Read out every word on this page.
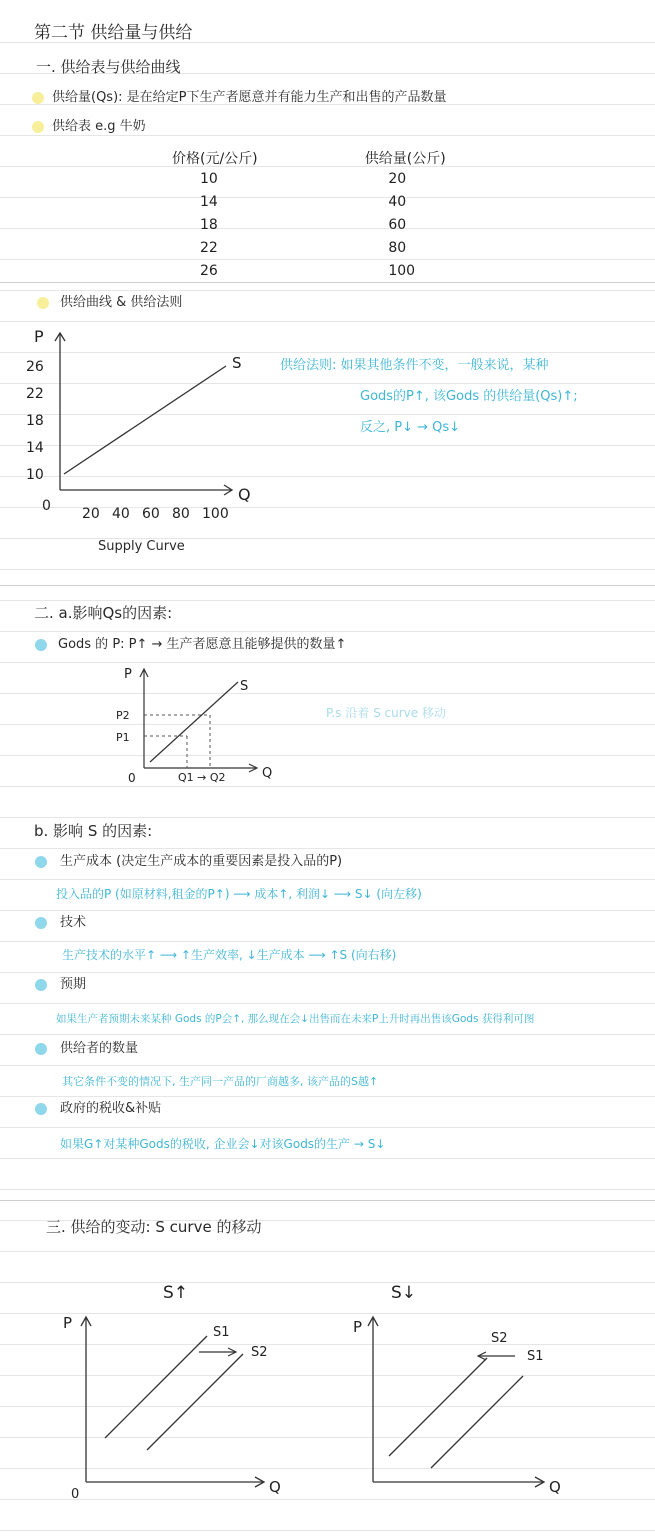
第二节 供给量与供给
一. 供给表与供给曲线
供给量(Qs): 是在给定P下生产者愿意并有能力生产和出售的产品数量
供给表 e.g 牛奶
价格(元/公斤)	供给量(公斤)
10	20
14	40
18	60
22	80
26	100
供给曲线 & 供给法则
P
Q
0
10
14
18
22
26
20 40 60 80 100
S
Supply Curve
供给法则: 如果其他条件不变，一般来说，某种
Gods的P↑, 该Gods 的供给量(Qs)↑;
反之, P↓ → Qs↓
二. a.影响Qs的因素:
Gods 的 P: P↑ → 生产者愿意且能够提供的数量↑
P
Q
0
S
P2
P1
Q1 → Q2
P.s 沿着 S curve 移动
b. 影响 S 的因素:
生产成本 (决定生产成本的重要因素是投入品的P)
投入品的P (如原材料,租金的P↑) ⟶ 成本↑, 利润↓ ⟶ S↓ (向左移)
技术
生产技术的水平↑ ⟶ ↑生产效率, ↓生产成本 ⟶ ↑S (向右移)
预期
如果生产者预期未来某种 Gods 的P会↑, 那么现在会↓出售而在未来P上升时再出售该Gods 获得利可图
供给者的数量
其它条件不变的情况下, 生产同一产品的厂商越多, 该产品的S越↑
政府的税收&补贴
如果G↑对某种Gods的税收, 企业会↓对该Gods的生产 → S↓
三. 供给的变动: S curve 的移动
S↑
P
Q
0
S1
S2
S↓
P
Q
S2
S1
